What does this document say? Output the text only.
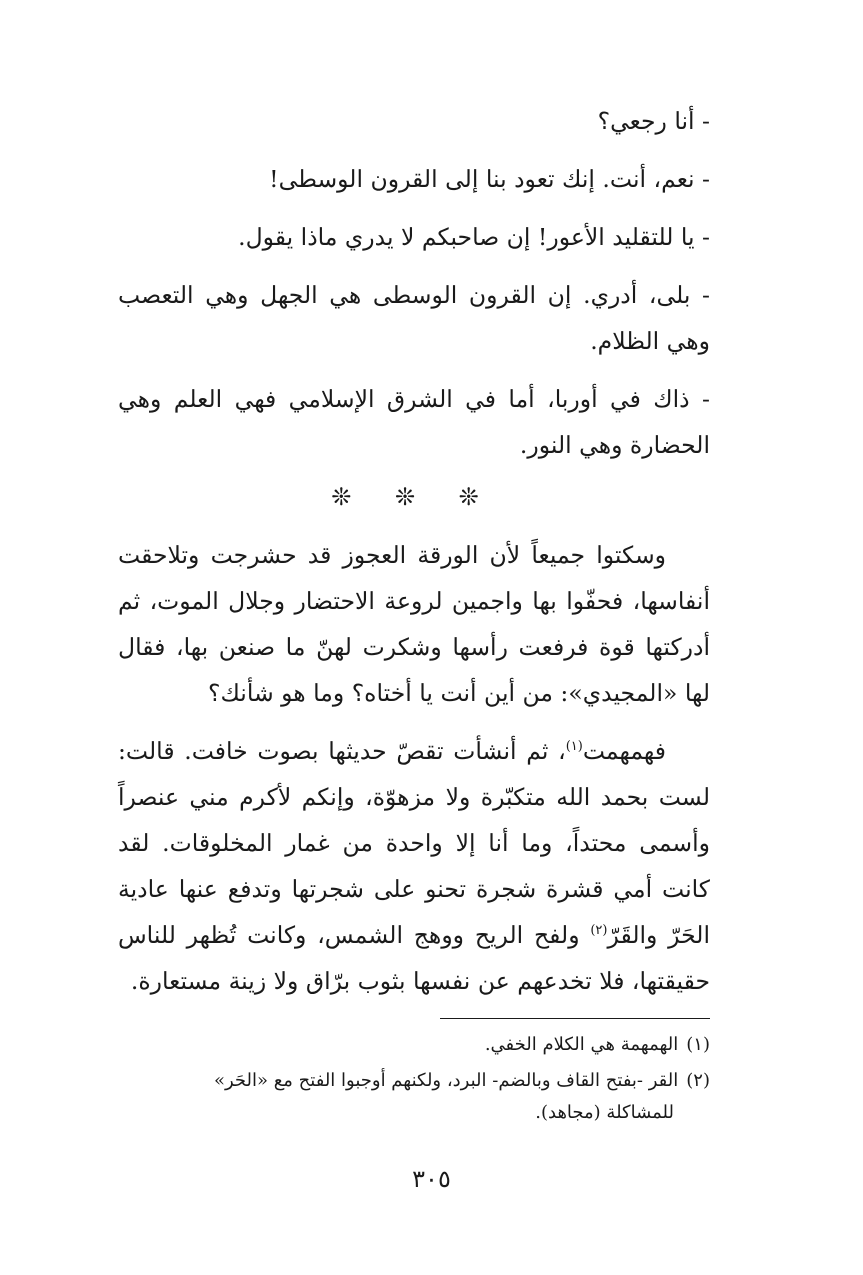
- أنا رجعي؟

- نعم، أنت. إنك تعود بنا إلى القرون الوسطى!

- يا للتقليد الأعور! إن صاحبكم لا يدري ماذا يقول.

- بلى، أدري. إن القرون الوسطى هي الجهل وهي التعصب وهي الظلام.

- ذاك في أوربا، أما في الشرق الإسلامي فهي العلم وهي الحضارة وهي النور.

❊ ❊ ❊

وسكتوا جميعاً لأن الورقة العجوز قد حشرجت وتلاحقت أنفاسها، فحفّوا بها واجمين لروعة الاحتضار وجلال الموت، ثم أدركتها قوة فرفعت رأسها وشكرت لهنّ ما صنعن بها، فقال لها «المجيدي»: من أين أنت يا أختاه؟ وما هو شأنك؟

فهمهمت$^{(١)}$، ثم أنشأت تقصّ حديثها بصوت خافت. قالت: لست بحمد الله متكبّرة ولا مزهوّة، وإنكم لأكرم مني عنصراً وأسمى محتداً، وما أنا إلا واحدة من غمار المخلوقات. لقد كانت أمي قشرة شجرة تحنو على شجرتها وتدفع عنها عادية الحَرّ والقَرّ$^{(٢)}$ ولفح الريح ووهج الشمس، وكانت تُظهر للناس حقيقتها، فلا تخدعهم عن نفسها بثوب برّاق ولا زينة مستعارة.

(١)الهمهمة هي الكلام الخفي.

(٢)القر -بفتح القاف وبالضم- البرد، ولكنهم أوجبوا الفتح مع «الحَر»
للمشاكلة (مجاهد).

٣٠٥
